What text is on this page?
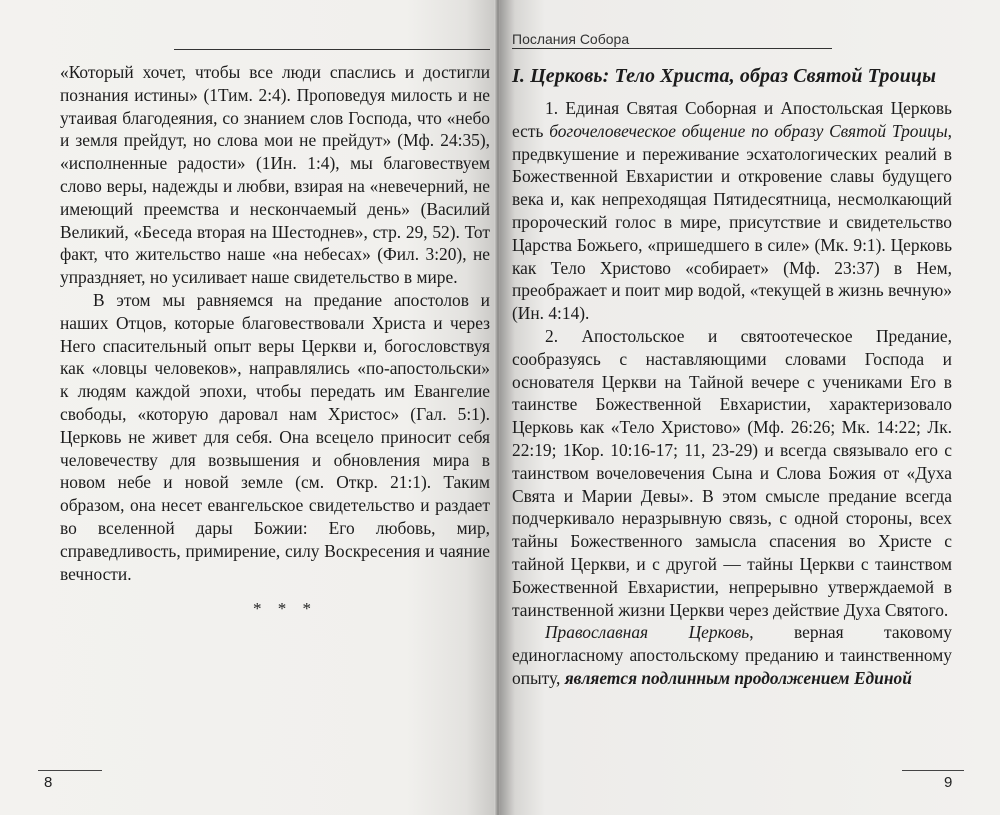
«Который хочет, чтобы все люди спаслись и достигли познания истины» (1Тим. 2:4). Проповедуя милость и не утаивая благодеяния, со знанием слов Господа, что «небо и земля прейдут, но слова мои не прейдут» (Мф. 24:35), «исполненные радости» (1Ин. 1:4), мы благовествуем слово веры, надежды и любви, взирая на «невечерний, не имеющий преемства и нескончаемый день» (Василий Великий, «Беседа вторая на Шестоднев», стр. 29, 52). Тот факт, что жительство наше «на небесах» (Фил. 3:20), не упраздняет, но усиливает наше свидетельство в мире.

В этом мы равняемся на предание апостолов и наших Отцов, которые благовествовали Христа и через Него спасительный опыт веры Церкви и, богословствуя как «ловцы человеков», направлялись «по-апостольски» к людям каждой эпохи, чтобы передать им Евангелие свободы, «которую даровал нам Христос» (Гал. 5:1). Церковь не живет для себя. Она всецело приносит себя человечеству для возвышения и обновления мира в новом небе и новой земле (см. Откр. 21:1). Таким образом, она несет евангельское свидетельство и раздает во вселенной дары Божии: Его любовь, мир, справедливость, примирение, силу Воскресения и чаяние вечности.

* * *
8
Послания Собора
I. Церковь: Тело Христа, образ Святой Троицы

1. Единая Святая Соборная и Апостольская Церковь есть богочеловеческое общение по образу Святой Троицы, предвкушение и переживание эсхатологических реалий в Божественной Евхаристии и откровение славы будущего века и, как непреходящая Пятидесятница, несмолкающий пророческий голос в мире, присутствие и свидетельство Царства Божьего, «пришедшего в силе» (Мк. 9:1). Церковь как Тело Христово «собирает» (Мф. 23:37) в Нем, преображает и поит мир водой, «текущей в жизнь вечную» (Ин. 4:14).

2. Апостольское и святоотеческое Предание, сообразуясь с наставляющими словами Господа и основателя Церкви на Тайной вечере с учениками Его в таинстве Божественной Евхаристии, характеризовало Церковь как «Тело Христово» (Мф. 26:26; Мк. 14:22; Лк. 22:19; 1Кор. 10:16-17; 11, 23-29) и всегда связывало его с таинством вочеловечения Сына и Слова Божия от «Духа Свята и Марии Девы». В этом смысле предание всегда подчеркивало неразрывную связь, с одной стороны, всех тайны Божественного замысла спасения во Христе с тайной Церкви, и с другой — тайны Церкви с таинством Божественной Евхаристии, непрерывно утверждаемой в таинственной жизни Церкви через действие Духа Святого.

Православная Церковь, верная таковому единогласному апостольскому преданию и таинственному опыту, является подлинным продолжением Единой

9
